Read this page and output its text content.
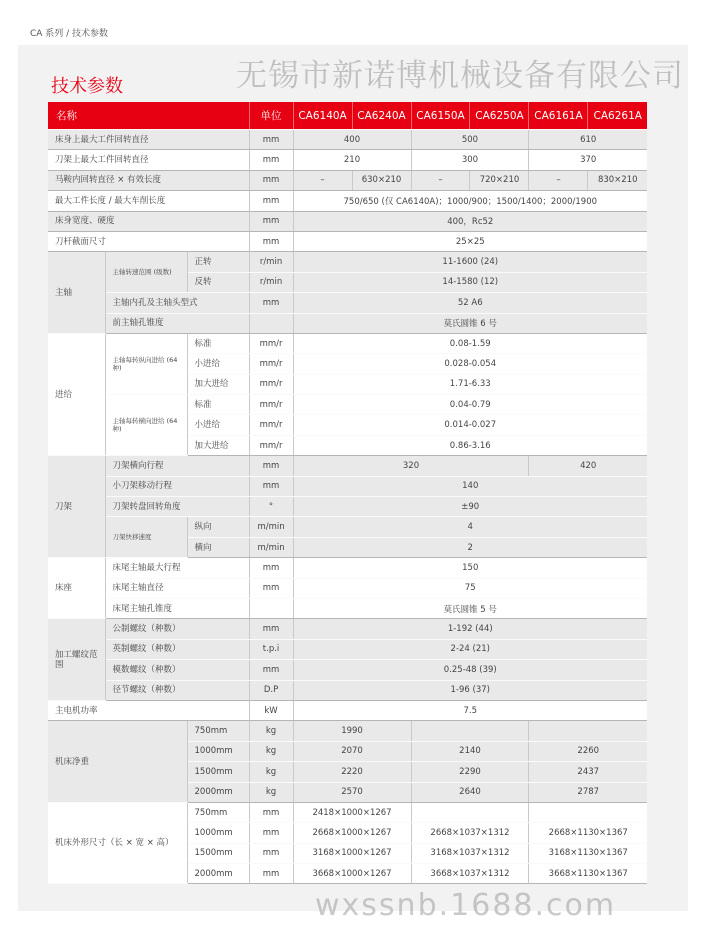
CA 系列 / 技术参数
技术参数
名称			单位	CA6140A	CA6240A	CA6150A	CA6250A	CA6161A	CA6261A
床身上最大工件回转直径			mm	400		500		610	
刀架上最大工件回转直径			mm	210		300		370	
马鞍内回转直径 × 有效长度			mm	–	630×210	–	720×210	–	830×210
最大工件长度 / 最大车削长度			mm	750/650 (仅 CA6140A)；1000/900；1500/1400；2000/1900					
床身宽度、硬度			mm	400，Rc52					
刀杆截面尺寸			mm	25×25					
主轴	主轴转速范围 (级数)	正转	r/min	11-1600 (24)					
		反转	r/min	14-1580 (12)					
	主轴内孔及主轴头型式		mm	52 A6					
	前主轴孔锥度			莫氏圆锥 6 号					
进给	主轴每转纵向进给 (64 种)	标准	mm/r	0.08-1.59					
		小进给	mm/r	0.028-0.054					
		加大进给	mm/r	1.71-6.33					
	主轴每转横向进给 (64 种)	标准	mm/r	0.04-0.79					
		小进给	mm/r	0.014-0.027					
		加大进给	mm/r	0.86-3.16					
刀架	刀架横向行程		mm	320				420	
	小刀架移动行程		mm	140					
	刀架转盘回转角度		°	±90					
	刀架快移速度	纵向	m/min	4					
		横向	m/min	2					
床座	床尾主轴最大行程		mm	150					
	床尾主轴直径		mm	75					
	床尾主轴孔锥度			莫氏圆锥 5 号					
加工螺纹范围	公制螺纹（种数）		mm	1-192 (44)					
	英制螺纹（种数）		t.p.i	2-24 (21)					
	模数螺纹（种数）		mm	0.25-48 (39)					
	径节螺纹（种数）		D.P	1-96 (37)					
主电机功率			kW	7.5					
机床净重		750mm	kg	1990					
		1000mm	kg	2070		2140		2260	
		1500mm	kg	2220		2290		2437	
		2000mm	kg	2570		2640		2787	
机床外形尺寸（长 × 宽 × 高）		750mm	mm	2418×1000×1267					
		1000mm	mm	2668×1000×1267		2668×1037×1312		2668×1130×1367	
		1500mm	mm	3168×1000×1267		3168×1037×1312		3168×1130×1367	
		2000mm	mm	3668×1000×1267		3668×1037×1312		3668×1130×1367	
无锡市新诺博机械设备有限公司
wxssnb.1688.com
